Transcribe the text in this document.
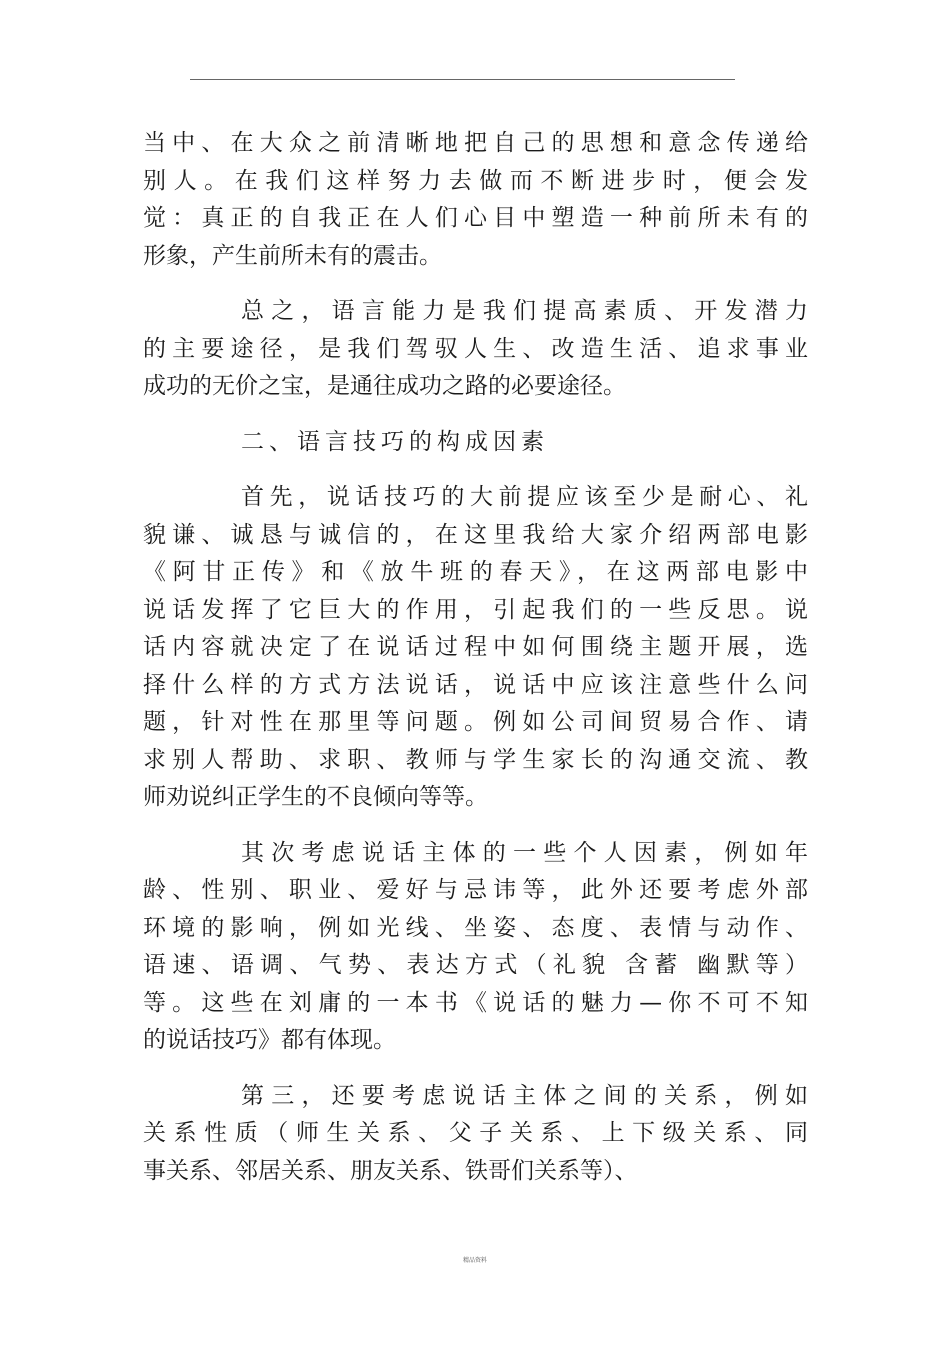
当中、在大众之前清晰地把自己的思想和意念传递给
别人。在我们这样努力去做而不断进步时，便会发
觉：真正的自我正在人们心目中塑造一种前所未有的
形象，产生前所未有的震击。
总之，语言能力是我们提高素质、开发潜力
的主要途径，是我们驾驭人生、改造生活、追求事业
成功的无价之宝，是通往成功之路的必要途径。
二、语言技巧的构成因素
首先，说话技巧的大前提应该至少是耐心、礼
貌谦、诚恳与诚信的，在这里我给大家介绍两部电影
《阿甘正传》和《放牛班的春天》，在这两部电影中
说话发挥了它巨大的作用，引起我们的一些反思。说
话内容就决定了在说话过程中如何围绕主题开展，选
择什么样的方式方法说话，说话中应该注意些什么问
题，针对性在那里等问题。例如公司间贸易合作、请
求别人帮助、求职、教师与学生家长的沟通交流、教
师劝说纠正学生的不良倾向等等。
其次考虑说话主体的一些个人因素，例如年
龄、性别、职业、爱好与忌讳等，此外还要考虑外部
环境的影响，例如光线、坐姿、态度、表情与动作、
语速、语调、气势、表达方式（礼貌 含蓄 幽默等）
等。这些在刘庸的一本书《说话的魅力—你不可不知
的说话技巧》都有体现。
第三，还要考虑说话主体之间的关系，例如
关系性质（师生关系、父子关系、上下级关系、同
事关系、邻居关系、朋友关系、铁哥们关系等）、
精品资料
